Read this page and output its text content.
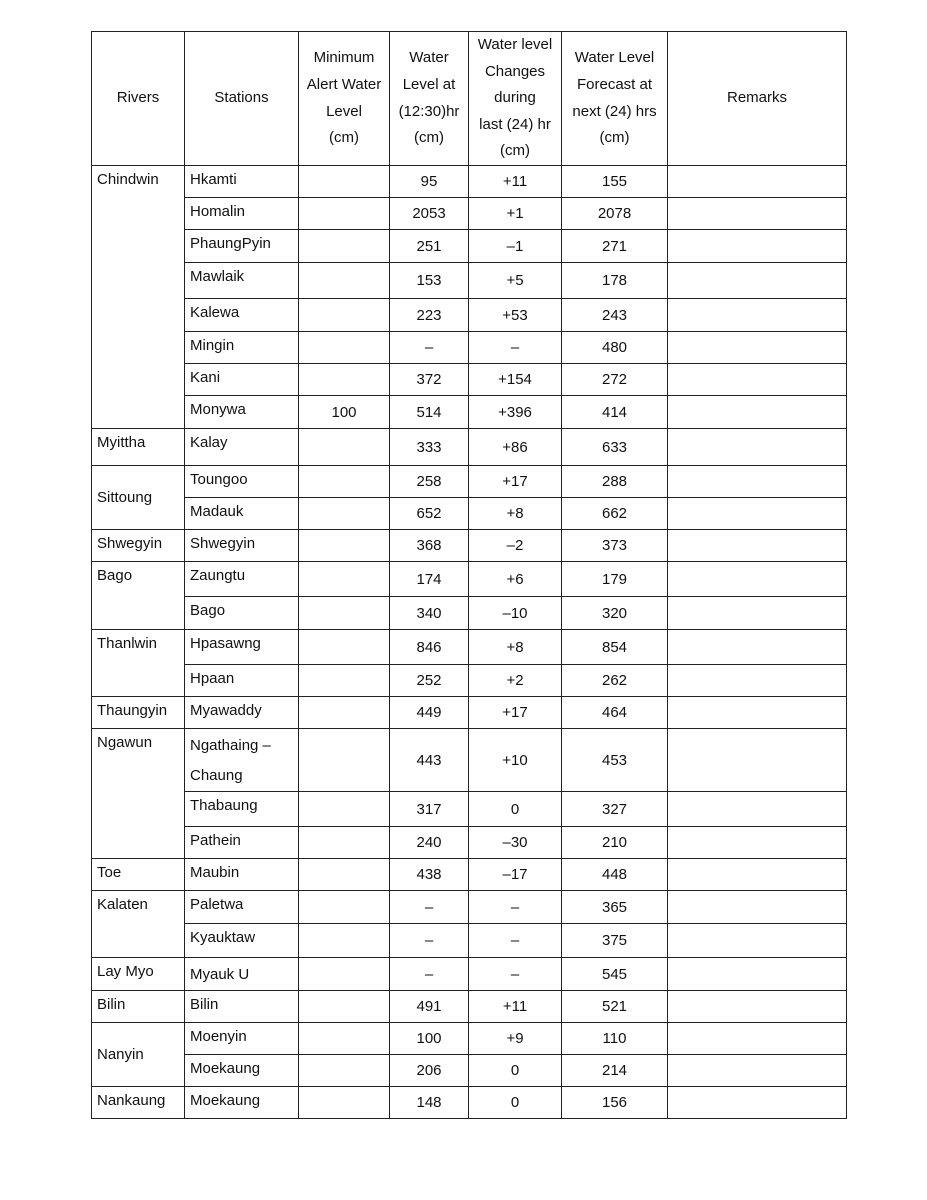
Rivers	Stations	Minimum
Alert Water
Level
(cm)	Water
Level at
(12:30)hr
(cm)	Water level
Changes
during
last (24) hr
(cm)	Water Level
Forecast at
next (24) hrs
(cm)	Remarks
Chindwin	Hkamti		95	+11	155	
	Homalin		2053	+1	2078	
	PhaungPyin		251	–1	271	
	Mawlaik		153	+5	178	
	Kalewa		223	+53	243	
	Mingin		–	–	480	
	Kani		372	+154	272	
	Monywa	100	514	+396	414	
Myittha	Kalay		333	+86	633	
Sittoung	Toungoo		258	+17	288	
	Madauk		652	+8	662	
Shwegyin	Shwegyin		368	–2	373	
Bago	Zaungtu		174	+6	179	
	Bago		340	–10	320	
Thanlwin	Hpasawng		846	+8	854	
	Hpaan		252	+2	262	
Thaungyin	Myawaddy		449	+17	464	
Ngawun	Ngathaing –
Chaung		443	+10	453	
	Thabaung		317	0	327	
	Pathein		240	–30	210	
Toe	Maubin		438	–17	448	
Kalaten	Paletwa		–	–	365	
	Kyauktaw		–	–	375	
Lay Myo	Myauk U		–	–	545	
Bilin	Bilin		491	+11	521	
Nanyin	Moenyin		100	+9	110	
	Moekaung		206	0	214	
Nankaung	Moekaung		148	0	156	
